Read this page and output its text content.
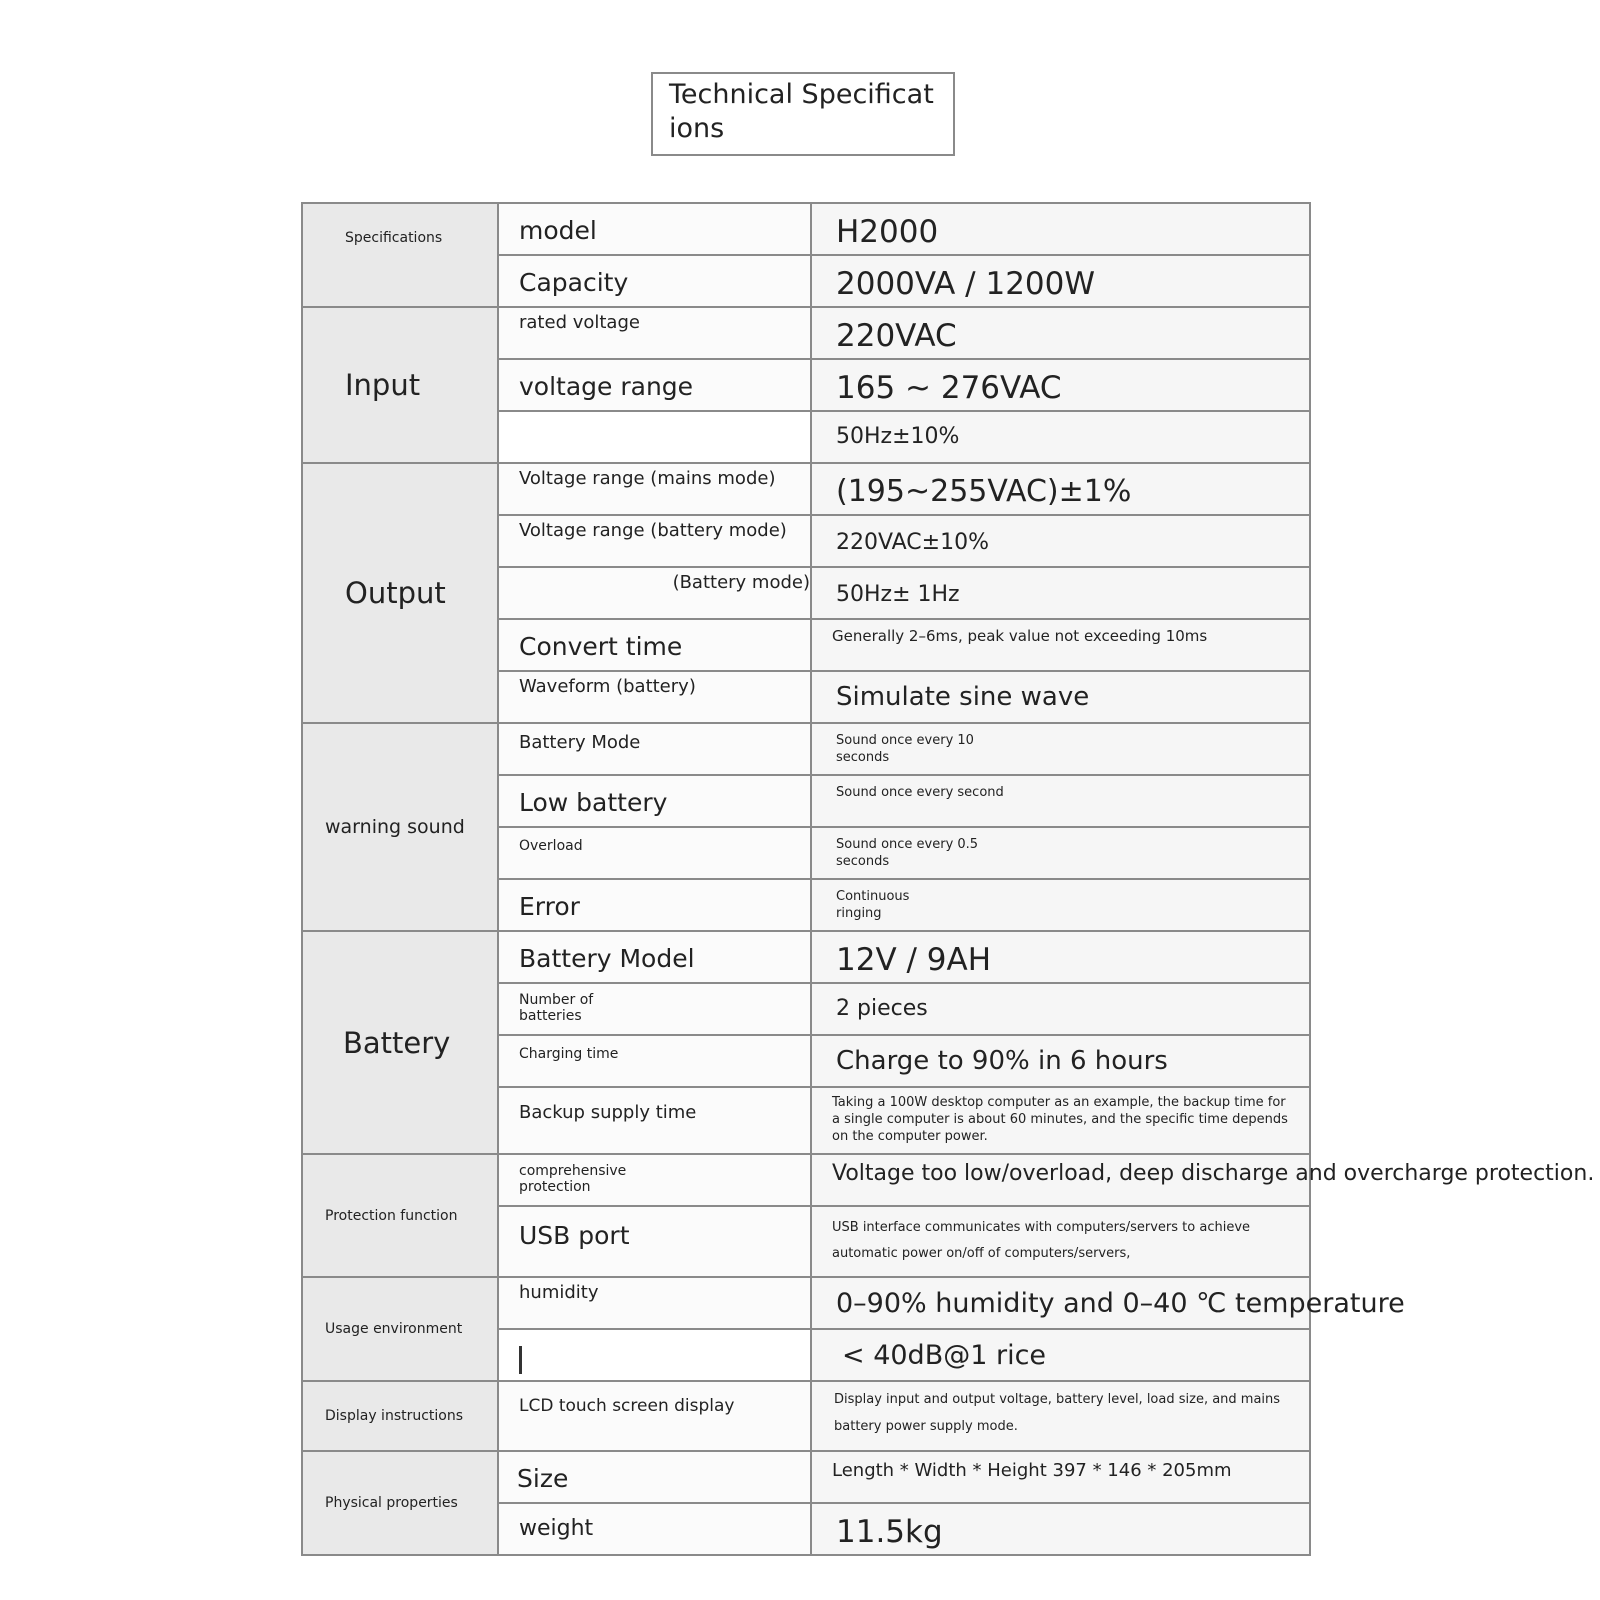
Technical Specificat
ions
Specifications	model	H2000
	Capacity	2000VA / 1200W
Input	rated voltage	220VAC
	voltage range	165 ~ 276VAC
		50Hz±10%
Output	Voltage range (mains mode)	(195~255VAC)±1%
	Voltage range (battery mode)	220VAC±10%
	(Battery mode)	50Hz± 1Hz
	Convert time	Generally 2–6ms, peak value not exceeding 10ms
	Waveform (battery)	Simulate sine wave
warning sound	Battery Mode	Sound once every 10 seconds
	Low battery	Sound once every second
	Overload	Sound once every 0.5 seconds
	Error	Continuous ringing
Battery	Battery Model	12V / 9AH
	Number of batteries	2 pieces
	Charging time	Charge to 90% in 6 hours
	Backup supply time	Taking a 100W desktop computer as an example, the backup time for a single computer is about 60 minutes, and the specific time depends on the computer power.
Protection function	comprehensive protection	Voltage too low/overload, deep discharge and overcharge protection.
	USB port	USB interface communicates with computers/servers to achieve automatic power on/off of computers/servers,
Usage environment	humidity	0–90% humidity and 0–40 ℃ temperature
		< 40dB@1 rice
Display instructions	LCD touch screen display	Display input and output voltage, battery level, load size, and mains battery power supply mode.
Physical properties	Size	Length * Width * Height 397 * 146 * 205mm
	weight	11.5kg
